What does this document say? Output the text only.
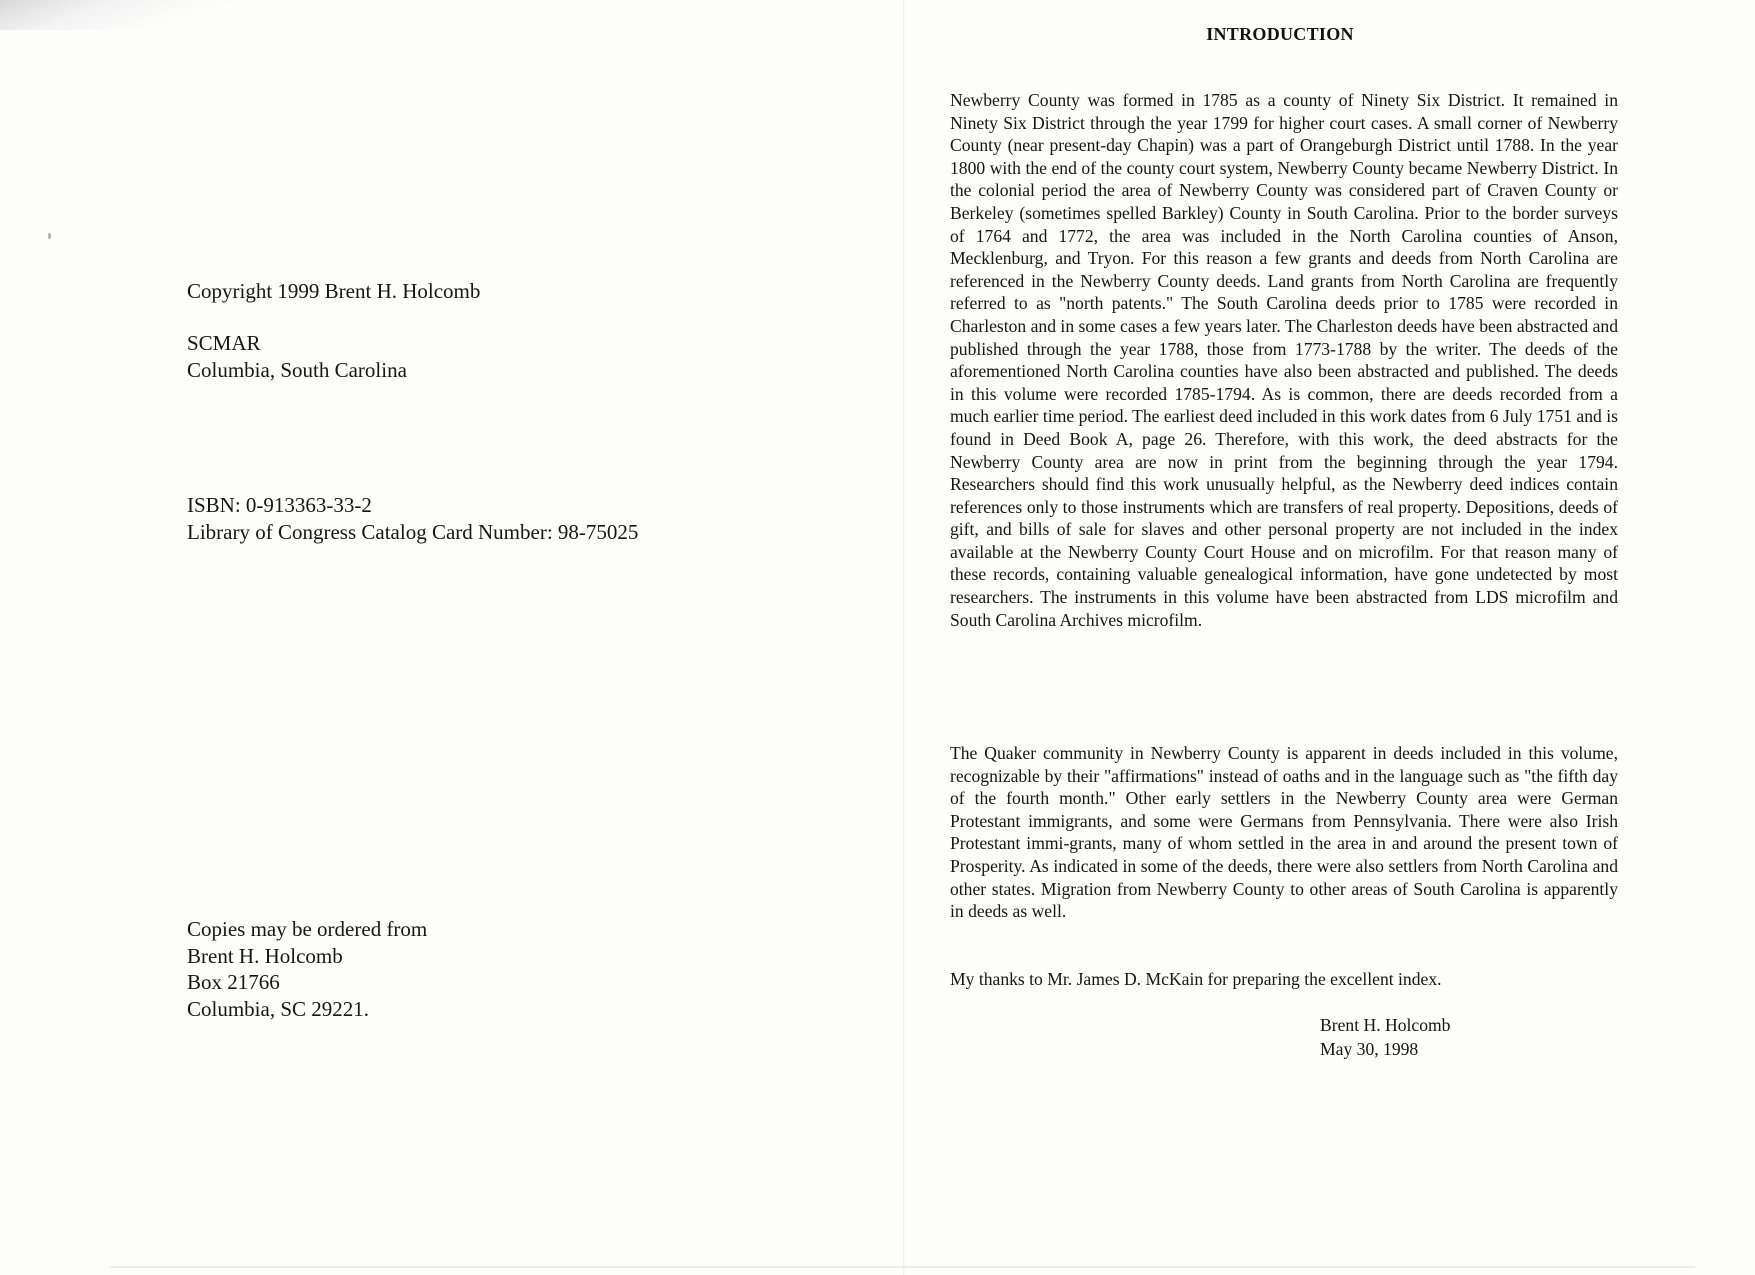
Copyright 1999 Brent H. Holcomb
SCMAR
Columbia, South Carolina
ISBN: 0-913363-33-2
Library of Congress Catalog Card Number: 98-75025
Copies may be ordered from
Brent H. Holcomb
Box 21766
Columbia, SC 29221.
INTRODUCTION

Newberry County was formed in 1785 as a county of Ninety Six District. It remained in Ninety Six District through the year 1799 for higher court cases. A small corner of Newberry County (near present-day Chapin) was a part of Orangeburgh District until 1788. In the year 1800 with the end of the county court system, Newberry County became Newberry District. In the colonial period the area of Newberry County was considered part of Craven County or Berkeley (sometimes spelled Barkley) County in South Carolina. Prior to the border surveys of 1764 and 1772, the area was included in the North Carolina counties of Anson, Mecklenburg, and Tryon. For this reason a few grants and deeds from North Carolina are referenced in the Newberry County deeds. Land grants from North Carolina are frequently referred to as "north patents." The South Carolina deeds prior to 1785 were recorded in Charleston and in some cases a few years later. The Charleston deeds have been abstracted and published through the year 1788, those from 1773-1788 by the writer. The deeds of the aforementioned North Carolina counties have also been abstracted and published. The deeds in this volume were recorded 1785-1794. As is common, there are deeds recorded from a much earlier time period. The earliest deed included in this work dates from 6 July 1751 and is found in Deed Book A, page 26. Therefore, with this work, the deed abstracts for the Newberry County area are now in print from the beginning through the year 1794. Researchers should find this work unusually helpful, as the Newberry deed indices contain references only to those instruments which are transfers of real property. Depositions, deeds of gift, and bills of sale for slaves and other personal property are not included in the index available at the Newberry County Court House and on microfilm. For that reason many of these records, containing valuable genealogical information, have gone undetected by most researchers. The instruments in this volume have been abstracted from LDS microfilm and South Carolina Archives microfilm.

The Quaker community in Newberry County is apparent in deeds included in this volume, recognizable by their "affirmations" instead of oaths and in the language such as "the fifth day of the fourth month." Other early settlers in the Newberry County area were German Protestant immigrants, and some were Germans from Pennsylvania. There were also Irish Protestant immi-grants, many of whom settled in the area in and around the present town of Prosperity. As indicated in some of the deeds, there were also settlers from North Carolina and other states. Migration from Newberry County to other areas of South Carolina is apparently in deeds as well.

My thanks to Mr. James D. McKain for preparing the excellent index.

Brent H. Holcomb
May 30, 1998
